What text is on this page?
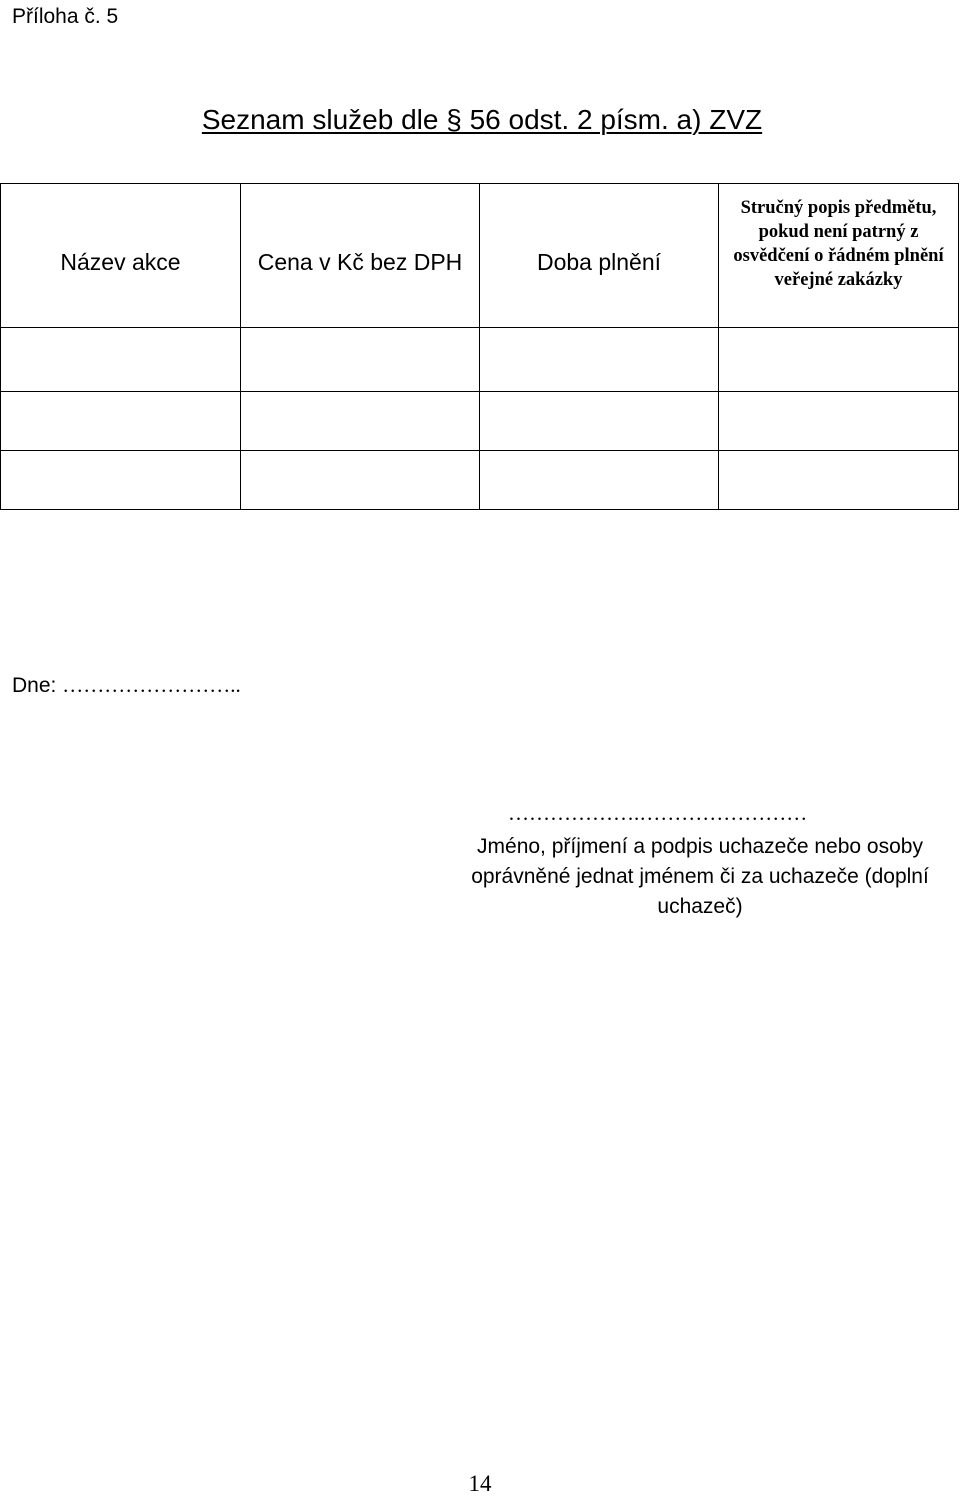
Příloha č. 5
Seznam služeb dle § 56 odst. 2 písm. a) ZVZ
Název akce	Cena v Kč bez DPH	Doba plnění	Stručný popis předmětu, pokud není patrný z osvědčení o řádném plnění veřejné zakázky

Dne: ……………………..
……………….……………………
Jméno, příjmení a podpis uchazeče nebo osoby oprávněné jednat jménem či za uchazeče (doplní uchazeč)
14
